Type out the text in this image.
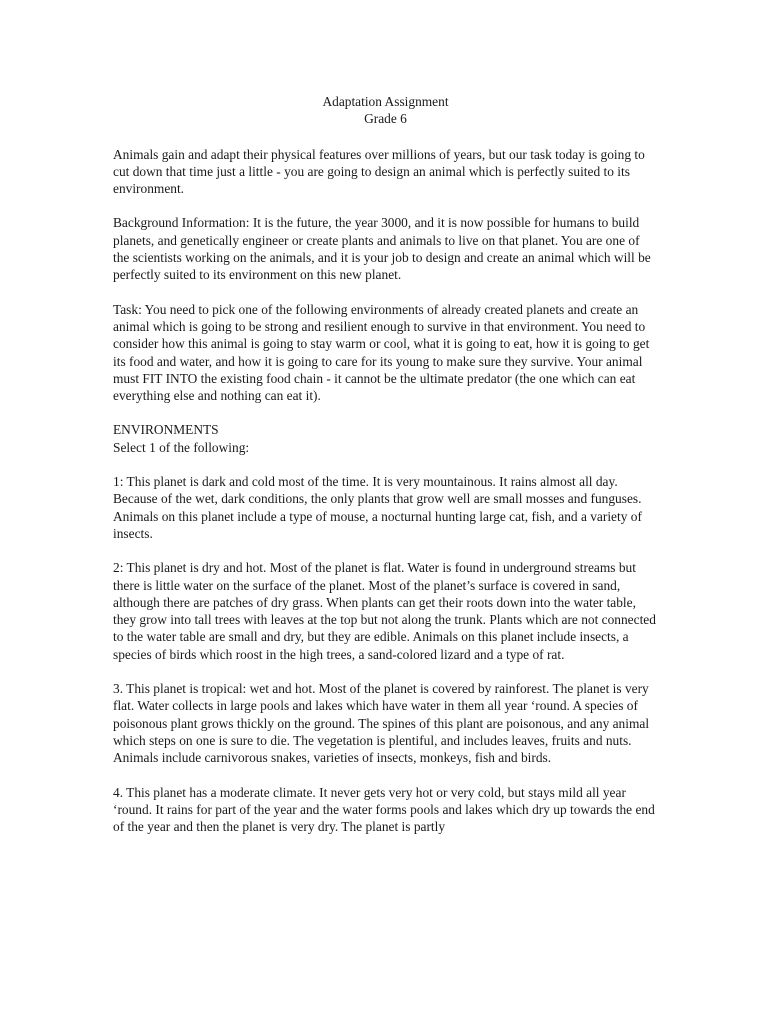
Adaptation Assignment
Grade 6

Animals gain and adapt their physical features over millions of years, but our task today is going to cut down that time just a little - you are going to design an animal which is perfectly suited to its environment.

Background Information: It is the future, the year 3000, and it is now possible for humans to build planets, and genetically engineer or create plants and animals to live on that planet. You are one of the scientists working on the animals, and it is your job to design and create an animal which will be perfectly suited to its environment on this new planet.

Task: You need to pick one of the following environments of already created planets and create an animal which is going to be strong and resilient enough to survive in that environment. You need to consider how this animal is going to stay warm or cool, what it is going to eat, how it is going to get its food and water, and how it is going to care for its young to make sure they survive. Your animal must FIT INTO the existing food chain - it cannot be the ultimate predator (the one which can eat everything else and nothing can eat it).

ENVIRONMENTS
Select 1 of the following:

1: This planet is dark and cold most of the time. It is very mountainous. It rains almost all day. Because of the wet, dark conditions, the only plants that grow well are small mosses and funguses. Animals on this planet include a type of mouse, a nocturnal hunting large cat, fish, and a variety of insects.

2: This planet is dry and hot. Most of the planet is flat. Water is found in underground streams but there is little water on the surface of the planet. Most of the planet’s surface is covered in sand, although there are patches of dry grass. When plants can get their roots down into the water table, they grow into tall trees with leaves at the top but not along the trunk. Plants which are not connected to the water table are small and dry, but they are edible. Animals on this planet include insects, a species of birds which roost in the high trees, a sand-colored lizard and a type of rat.

3. This planet is tropical: wet and hot. Most of the planet is covered by rainforest. The planet is very flat. Water collects in large pools and lakes which have water in them all year ‘round. A species of poisonous plant grows thickly on the ground. The spines of this plant are poisonous, and any animal which steps on one is sure to die. The vegetation is plentiful, and includes leaves, fruits and nuts. Animals include carnivorous snakes, varieties of insects, monkeys, fish and birds.

4. This planet has a moderate climate. It never gets very hot or very cold, but stays mild all year ‘round. It rains for part of the year and the water forms pools and lakes which dry up towards the end of the year and then the planet is very dry. The planet is partly
